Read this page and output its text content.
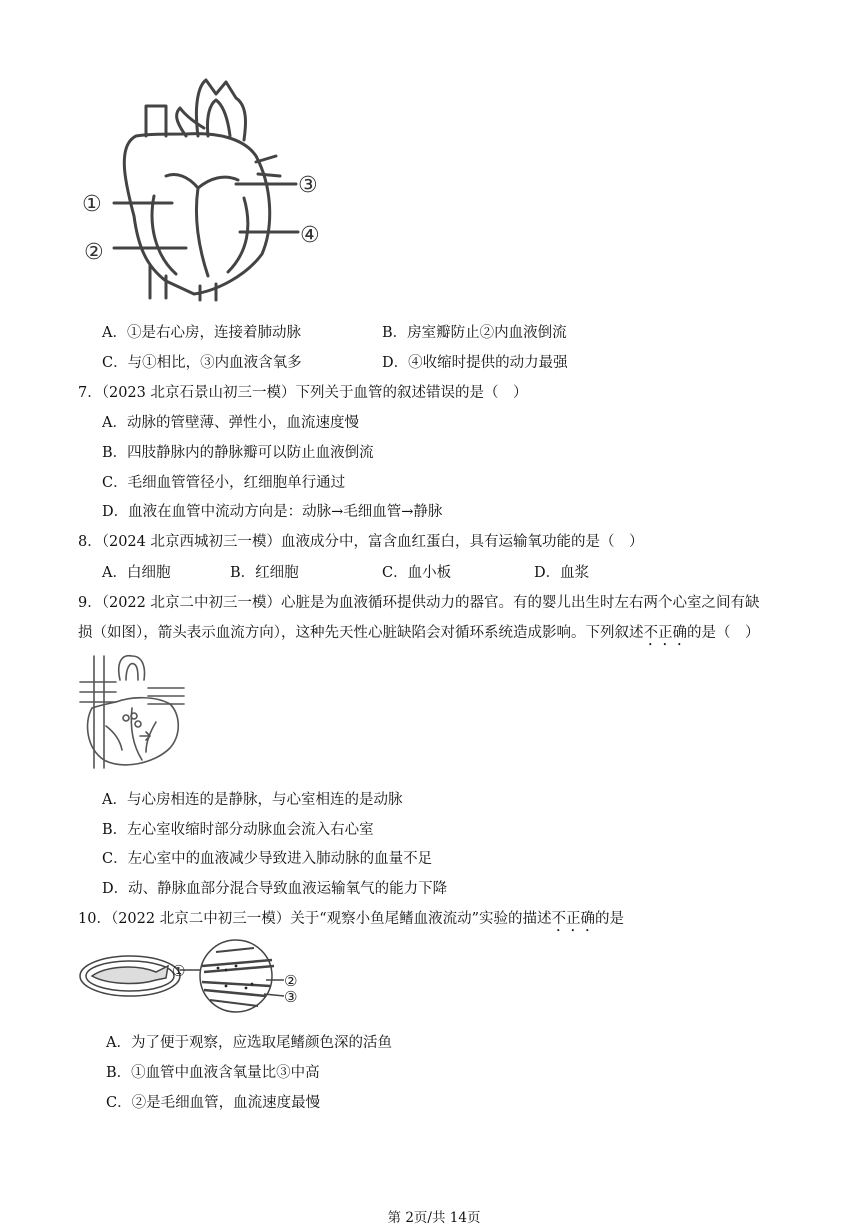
①
②
③
④
A．①是右心房，连接着肺动脉	B．房室瓣防止②内血液倒流
C．与①相比，③内血液含氧多	D．④收缩时提供的动力最强
7．（2023 北京石景山初三一模）下列关于血管的叙述错误的是（　）
A．动脉的管壁薄、弹性小，血流速度慢
B．四肢静脉内的静脉瓣可以防止血液倒流
C．毛细血管管径小，红细胞单行通过
D．血液在血管中流动方向是：动脉→毛细血管→静脉
8．（2024 北京西城初三一模）血液成分中，富含血红蛋白，具有运输氧功能的是（　）
A．白细胞	B．红细胞	C．血小板	D．血浆
9．（2022 北京二中初三一模）心脏是为血液循环提供动力的器官。有的婴儿出生时左右两个心室之间有缺
损（如图），箭头表示血流方向），这种先天性心脏缺陷会对循环系统造成影响。下列叙述不正确的是（　）
A．与心房相连的是静脉，与心室相连的是动脉
B．左心室收缩时部分动脉血会流入右心室
C．左心室中的血液减少导致进入肺动脉的血量不足
D．动、静脉血部分混合导致血液运输氧气的能力下降
10．（2022 北京二中初三一模）关于“观察小鱼尾鳍血液流动”实验的描述不正确的是
①
②
③
A．为了便于观察，应选取尾鳍颜色深的活鱼
B．①血管中血液含氧量比③中高
C．②是毛细血管，血流速度最慢
第 2页/共 14页
